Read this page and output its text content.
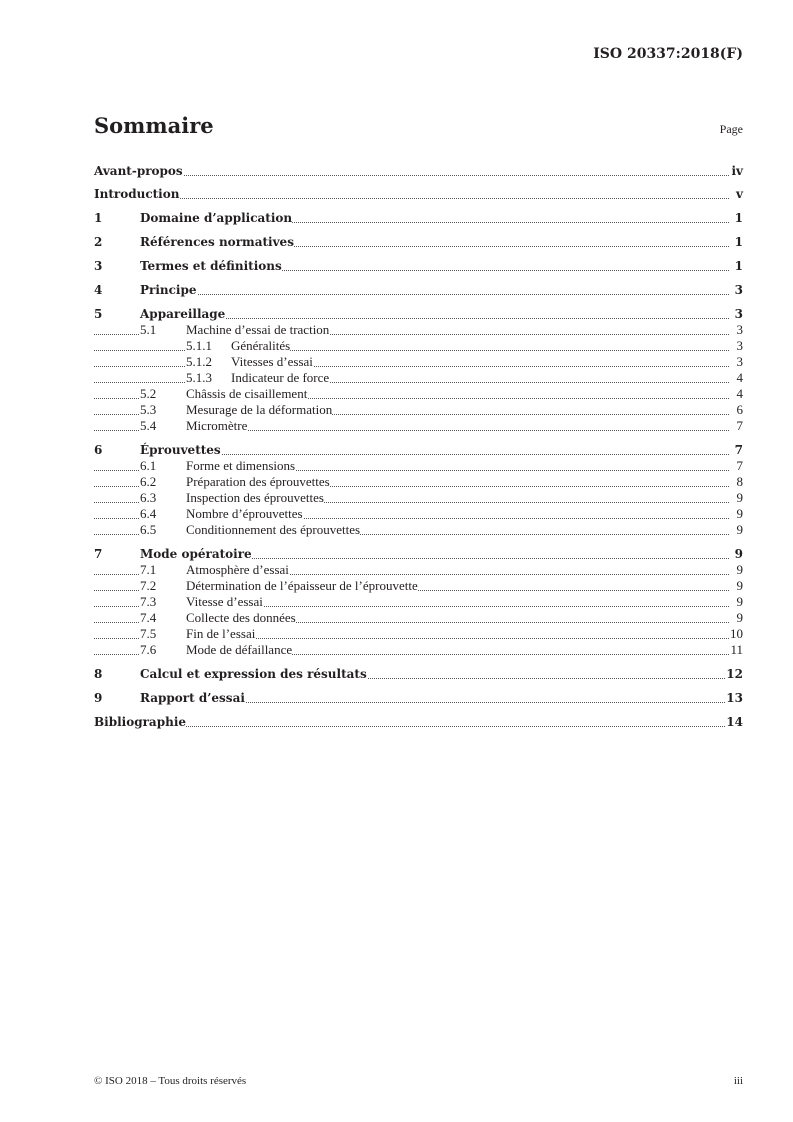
ISO 20337:2018(F)
Sommaire	Page
Avant-propos	iv
Introduction	v
1	Domaine d’application	1
2	Références normatives	1
3	Termes et définitions	1
4	Principe	3
5	Appareillage	3
5.1	Machine d’essai de traction	3
5.1.1	Généralités	3
5.1.2	Vitesses d’essai	3
5.1.3	Indicateur de force	4
5.2	Châssis de cisaillement	4
5.3	Mesurage de la déformation	6
5.4	Micromètre	7
6	Éprouvettes	7
6.1	Forme et dimensions	7
6.2	Préparation des éprouvettes	8
6.3	Inspection des éprouvettes	9
6.4	Nombre d’éprouvettes	9
6.5	Conditionnement des éprouvettes	9
7	Mode opératoire	9
7.1	Atmosphère d’essai	9
7.2	Détermination de l’épaisseur de l’éprouvette	9
7.3	Vitesse d’essai	9
7.4	Collecte des données	9
7.5	Fin de l’essai	10
7.6	Mode de défaillance	11
8	Calcul et expression des résultats	12
9	Rapport d’essai	13
Bibliographie	14
© ISO 2018 – Tous droits réservés	iii
